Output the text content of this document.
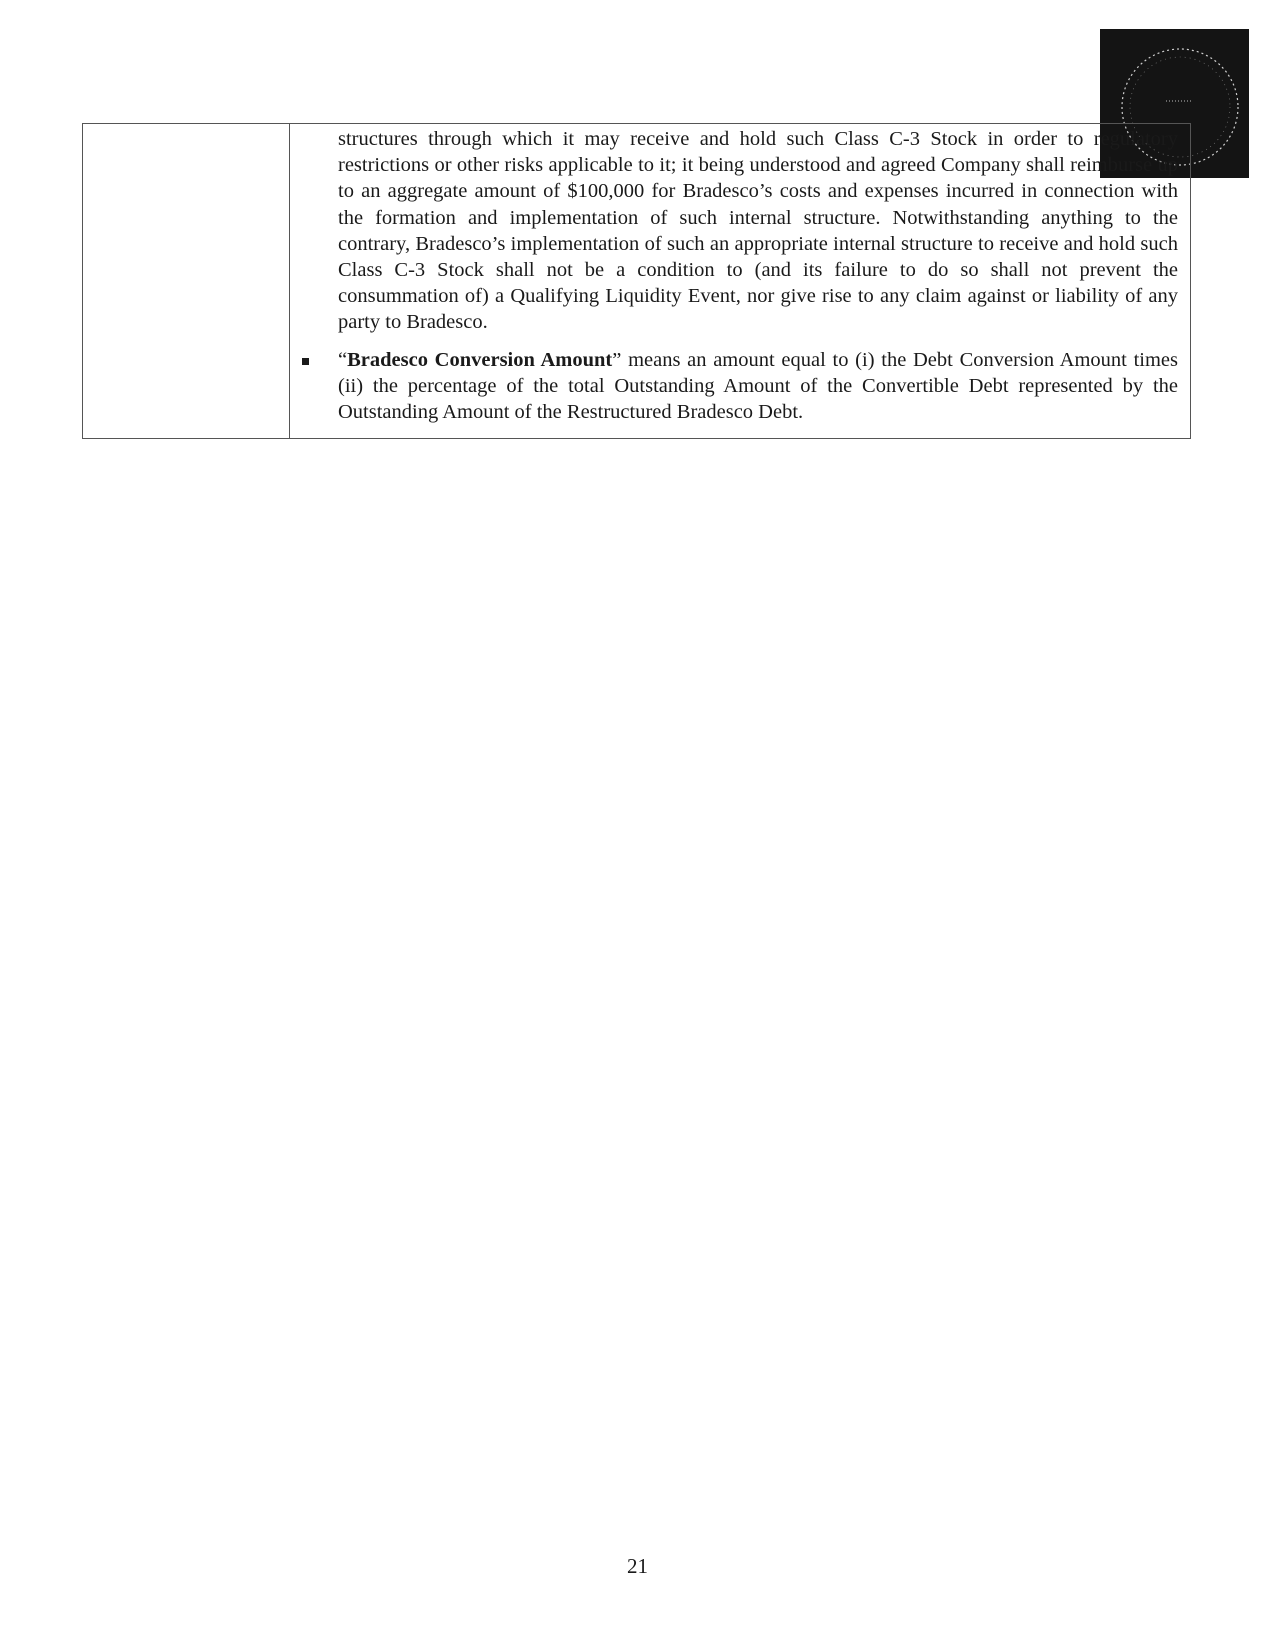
structures through which it may receive and hold such Class C-3 Stock in order to regulatory restrictions or other risks applicable to it; it being understood and agreed Company shall reimburse up to an aggregate amount of $100,000 for Bradesco’s costs and expenses incurred in connection with the formation and implementation of such internal structure. Notwithstanding anything to the contrary, Bradesco’s implementation of such an appropriate internal structure to receive and hold such Class C-3 Stock shall not be a condition to (and its failure to do so shall not prevent the consummation of) a Qualifying Liquidity Event, nor give rise to any claim against or liability of any party to Bradesco.

“Bradesco Conversion Amount” means an amount equal to (i) the Debt Conversion Amount times (ii) the percentage of the total Outstanding Amount of the Convertible Debt represented by the Outstanding Amount of the Restructured Bradesco Debt.

21
